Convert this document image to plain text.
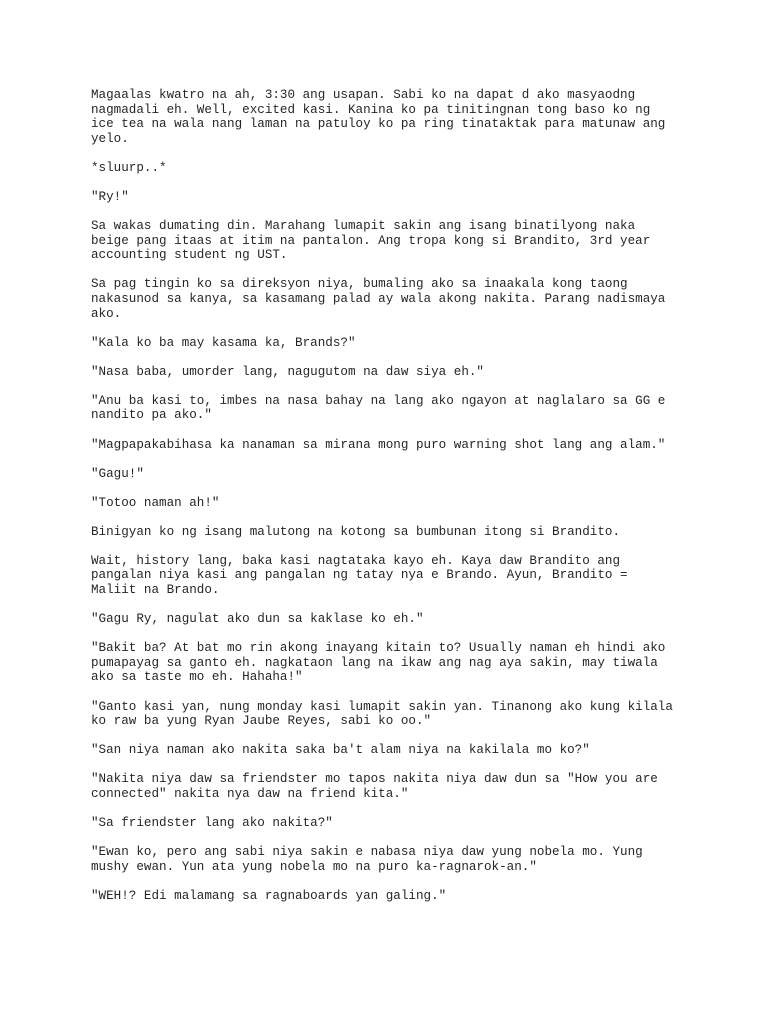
Magaalas kwatro na ah, 3:30 ang usapan. Sabi ko na dapat d ako masyaodng
nagmadali eh. Well, excited kasi. Kanina ko pa tinitingnan tong baso ko ng
ice tea na wala nang laman na patuloy ko pa ring tinataktak para matunaw ang
yelo.

*sluurp..*

"Ry!"

Sa wakas dumating din. Marahang lumapit sakin ang isang binatilyong naka
beige pang itaas at itim na pantalon. Ang tropa kong si Brandito, 3rd year
accounting student ng UST.

Sa pag tingin ko sa direksyon niya, bumaling ako sa inaakala kong taong
nakasunod sa kanya, sa kasamang palad ay wala akong nakita. Parang nadismaya
ako.

"Kala ko ba may kasama ka, Brands?"

"Nasa baba, umorder lang, nagugutom na daw siya eh."

"Anu ba kasi to, imbes na nasa bahay na lang ako ngayon at naglalaro sa GG e
nandito pa ako."

"Magpapakabihasa ka nanaman sa mirana mong puro warning shot lang ang alam."

"Gagu!"

"Totoo naman ah!"

Binigyan ko ng isang malutong na kotong sa bumbunan itong si Brandito.

Wait, history lang, baka kasi nagtataka kayo eh. Kaya daw Brandito ang
pangalan niya kasi ang pangalan ng tatay nya e Brando. Ayun, Brandito =
Maliit na Brando.

"Gagu Ry, nagulat ako dun sa kaklase ko eh."

"Bakit ba? At bat mo rin akong inayang kitain to? Usually naman eh hindi ako
pumapayag sa ganto eh. nagkataon lang na ikaw ang nag aya sakin, may tiwala
ako sa taste mo eh. Hahaha!"

"Ganto kasi yan, nung monday kasi lumapit sakin yan. Tinanong ako kung kilala
ko raw ba yung Ryan Jaube Reyes, sabi ko oo."

"San niya naman ako nakita saka ba't alam niya na kakilala mo ko?"

"Nakita niya daw sa friendster mo tapos nakita niya daw dun sa "How you are
connected" nakita nya daw na friend kita."

"Sa friendster lang ako nakita?"

"Ewan ko, pero ang sabi niya sakin e nabasa niya daw yung nobela mo. Yung
mushy ewan. Yun ata yung nobela mo na puro ka-ragnarok-an."

"WEH!? Edi malamang sa ragnaboards yan galing."
